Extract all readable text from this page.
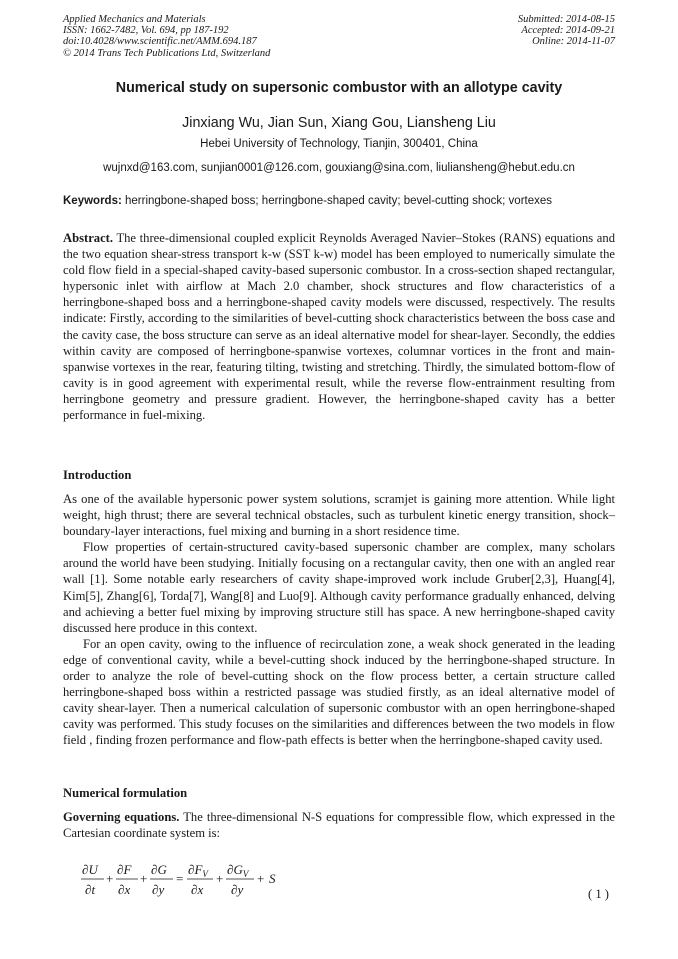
Applied Mechanics and Materials
ISSN: 1662-7482, Vol. 694, pp 187-192
doi:10.4028/www.scientific.net/AMM.694.187
© 2014 Trans Tech Publications Ltd, Switzerland
Submitted: 2014-08-15
Accepted: 2014-09-21
Online: 2014-11-07
Numerical study on supersonic combustor with an allotype cavity
Jinxiang Wu, Jian Sun, Xiang Gou, Liansheng Liu
Hebei University of Technology, Tianjin, 300401, China
wujnxd@163.com, sunjian0001@126.com, gouxiang@sina.com, liuliansheng@hebut.edu.cn
Keywords: herringbone-shaped boss; herringbone-shaped cavity; bevel-cutting shock; vortexes

Abstract. The three-dimensional coupled explicit Reynolds Averaged Navier–Stokes (RANS) equations and the two equation shear-stress transport k-w (SST k-w) model has been employed to numerically simulate the cold flow field in a special-shaped cavity-based supersonic combustor. In a cross-section shaped rectangular, hypersonic inlet with airflow at Mach 2.0 chamber, shock structures and flow characteristics of a herringbone-shaped boss and a herringbone-shaped cavity models were discussed, respectively. The results indicate: Firstly, according to the similarities of bevel-cutting shock characteristics between the boss case and the cavity case, the boss structure can serve as an ideal alternative model for shear-layer. Secondly, the eddies within cavity are composed of herringbone-spanwise vortexes, columnar vortices in the front and main-spanwise vortexes in the rear, featuring tilting, twisting and stretching. Thirdly, the simulated bottom-flow of cavity is in good agreement with experimental result, while the reverse flow-entrainment resulting from herringbone geometry and pressure gradient. However, the herringbone-shaped cavity has a better performance in fuel-mixing.

Introduction

As one of the available hypersonic power system solutions, scramjet is gaining more attention. While light weight, high thrust; there are several technical obstacles, such as turbulent kinetic energy transition, shock–boundary-layer interactions, fuel mixing and burning in a short residence time.

Flow properties of certain-structured cavity-based supersonic chamber are complex, many scholars around the world have been studying. Initially focusing on a rectangular cavity, then one with an angled rear wall [1]. Some notable early researchers of cavity shape-improved work include Gruber[2,3], Huang[4], Kim[5], Zhang[6], Torda[7], Wang[8] and Luo[9]. Although cavity performance gradually enhanced, delving and achieving a better fuel mixing by improving structure still has space. A new herringbone-shaped cavity discussed here produce in this context.

For an open cavity, owing to the influence of recirculation zone, a weak shock generated in the leading edge of conventional cavity, while a bevel-cutting shock induced by the herringbone-shaped structure. In order to analyze the role of bevel-cutting shock on the flow process better, a certain structure called herringbone-shaped boss within a restricted passage was studied firstly, as an ideal alternative model of cavity shear-layer. Then a numerical calculation of supersonic combustor with an open herringbone-shaped cavity was performed. This study focuses on the similarities and differences between the two models in flow field , finding frozen performance and flow-path effects is better when the herringbone-shaped cavity used.

Numerical formulation

Governing equations. The three-dimensional N-S equations for compressible flow, which expressed in the Cartesian coordinate system is:

∂U
∂t
+
∂F
∂x
+
∂G
∂y
=
$\partial F_V$
∂x
+
$\partial G_V$
∂y
+ S
( 1 )
